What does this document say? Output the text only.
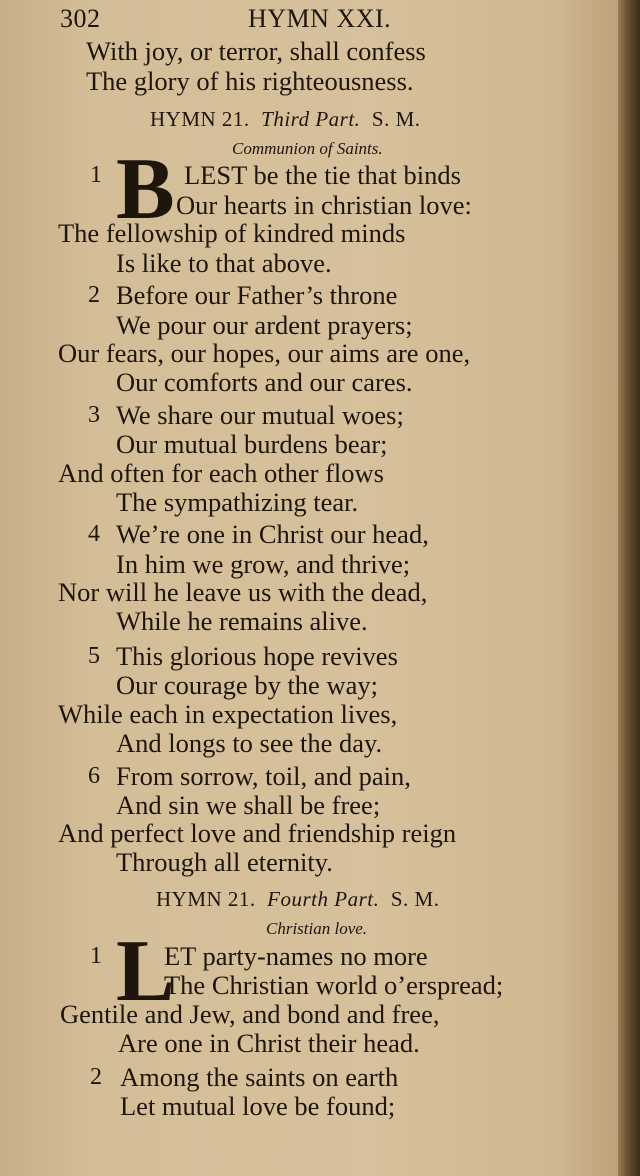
302	HYMN XXI.
With joy, or terror, shall confess
The glory of his righteousness.
HYMN 21. Third Part. S. M.
Communion of Saints.
1 B LEST be the tie that binds
Our hearts in christian love:
The fellowship of kindred minds
Is like to that above.
2 Before our Father’s throne
We pour our ardent prayers;
Our fears, our hopes, our aims are one,
Our comforts and our cares.
3 We share our mutual woes;
Our mutual burdens bear;
And often for each other flows
The sympathizing tear.
4 We’re one in Christ our head,
In him we grow, and thrive;
Nor will he leave us with the dead,
While he remains alive.
5 This glorious hope revives
Our courage by the way;
While each in expectation lives,
And longs to see the day.
6 From sorrow, toil, and pain,
And sin we shall be free;
And perfect love and friendship reign
Through all eternity.
HYMN 21. Fourth Part. S. M.
Christian love.
1 L
ET party-names no more
The Christian world o’erspread;
Gentile and Jew, and bond and free,
Are one in Christ their head.
2 Among the saints on earth
Let mutual love be found;
